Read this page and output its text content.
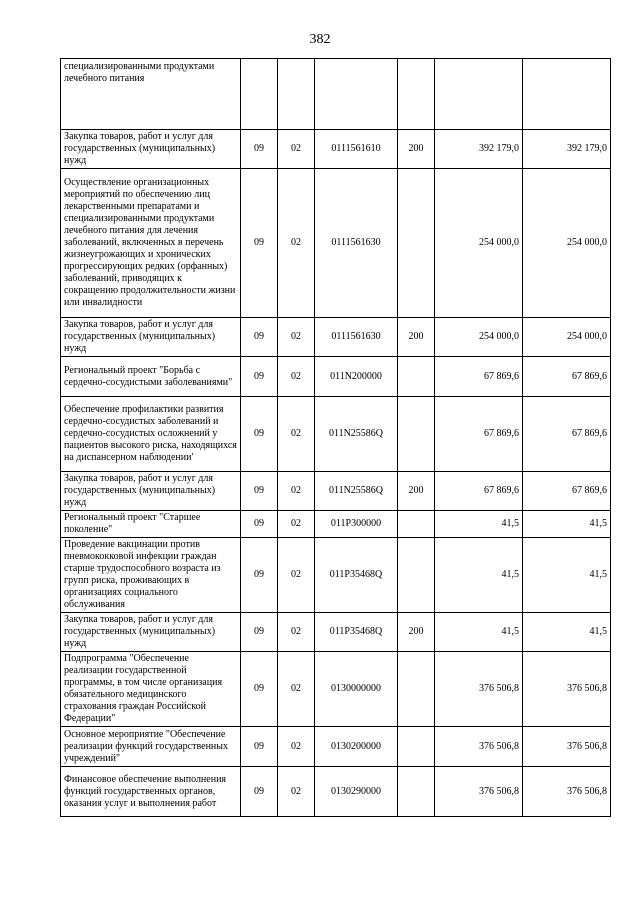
382
специализированными продуктами лечебного питания						
Закупка товаров, работ и услуг для государственных (муниципальных) нужд	09	02	0111561610	200	392 179,0	392 179,0
Осуществление организационных мероприятий по обеспечению лиц лекарственными препаратами и специализированными продуктами лечебного питания для лечения заболеваний, включенных в перечень жизнеугрожающих и хронических прогрессирующих редких (орфанных) заболеваний, приводящих к сокращению продолжительности жизни или инвалидности	09	02	0111561630		254 000,0	254 000,0
Закупка товаров, работ и услуг для государственных (муниципальных) нужд	09	02	0111561630	200	254 000,0	254 000,0
Региональный проект "Борьба с сердечно-сосудистыми заболеваниями"	09	02	011N200000		67 869,6	67 869,6
Обеспечение профилактики развития сердечно-сосудистых заболеваний и сердечно-сосудистых осложнений у пациентов высокого риска, находящихся на диспансерном наблюдении'	09	02	011N25586Q		67 869,6	67 869,6
Закупка товаров, работ и услуг для государственных (муниципальных) нужд	09	02	011N25586Q	200	67 869,6	67 869,6
Региональный проект "Старшее поколение"	09	02	011P300000		41,5	41,5
Проведение вакцинации против пневмококковой инфекции граждан старше трудоспособного возраста из групп риска, проживающих в организациях социального обслуживания	09	02	011P35468Q		41,5	41,5
Закупка товаров, работ и услуг для государственных (муниципальных) нужд	09	02	011P35468Q	200	41,5	41,5
Подпрограмма "Обеспечение реализации государственной программы, в том числе организация обязательного медицинского страхования граждан Российской Федерации"	09	02	0130000000		376 506,8	376 506,8
Основное мероприятие "Обеспечение реализации функций государственных учреждений"	09	02	0130200000		376 506,8	376 506,8
Финансовое обеспечение выполнения функций государственных органов, оказания услуг и выполнения работ	09	02	0130290000		376 506,8	376 506,8
